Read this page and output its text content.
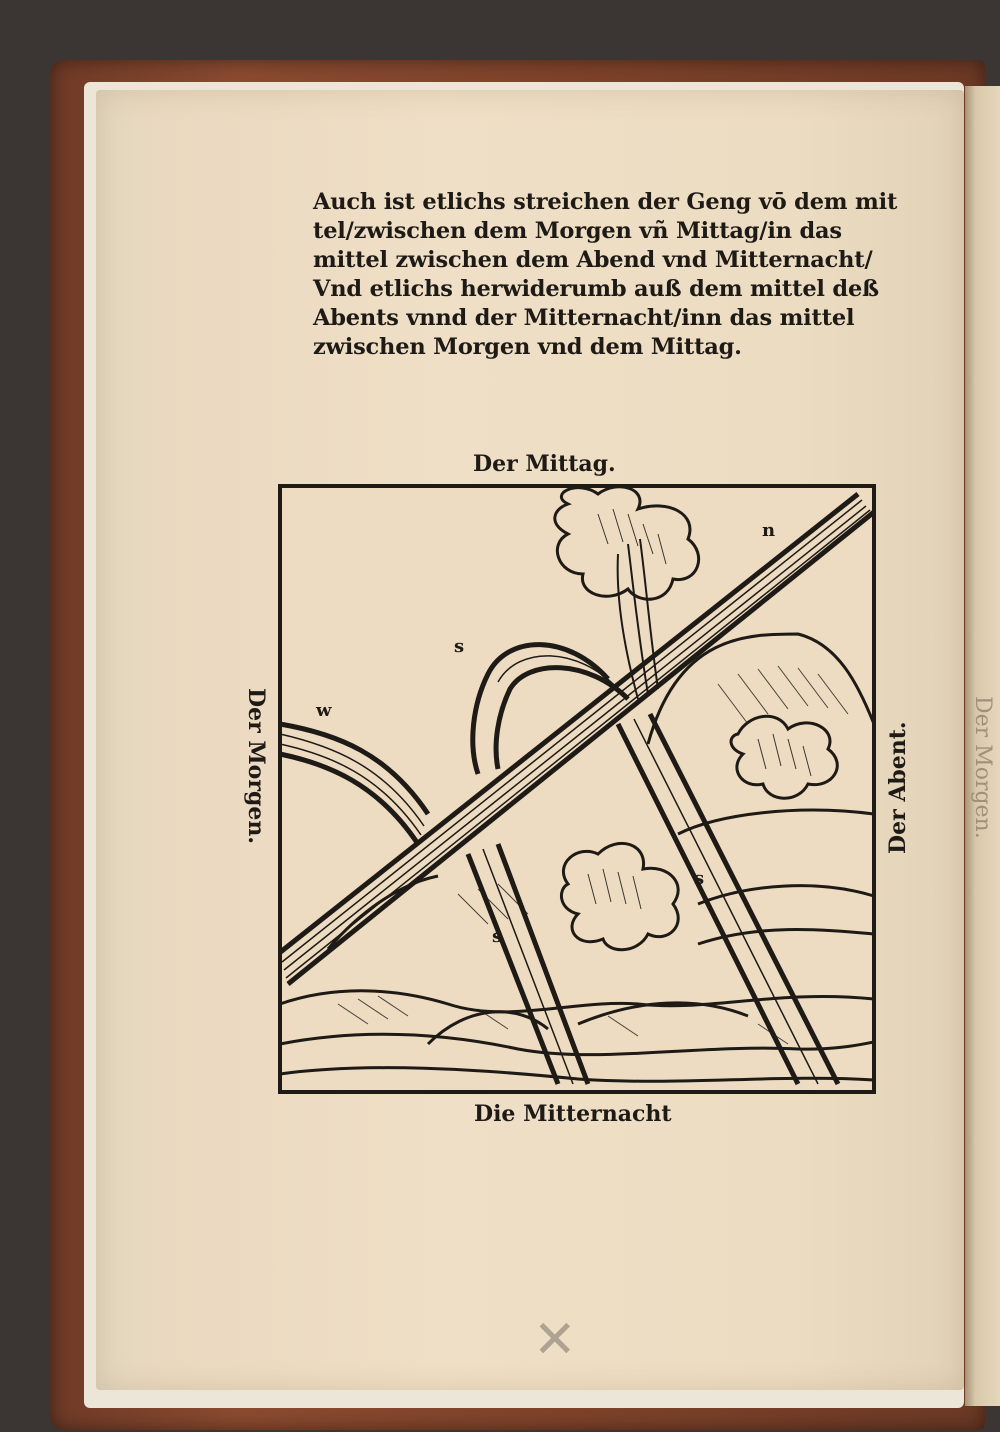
Der Morgen.
Auch ist etlichs streichen der Geng vō dem mit
tel/zwischen dem Morgen vñ Mittag/in das
mittel zwischen dem Abend vnd Mitternacht/
Vnd etlichs herwiderumb auß dem mittel deß
Abents vnnd der Mitternacht/inn das mittel
zwischen Morgen vnd dem Mittag.
Der Mittag.
Die Mitternacht
Der Morgen.	Der Abent.
n
s
w
s
s
✕
